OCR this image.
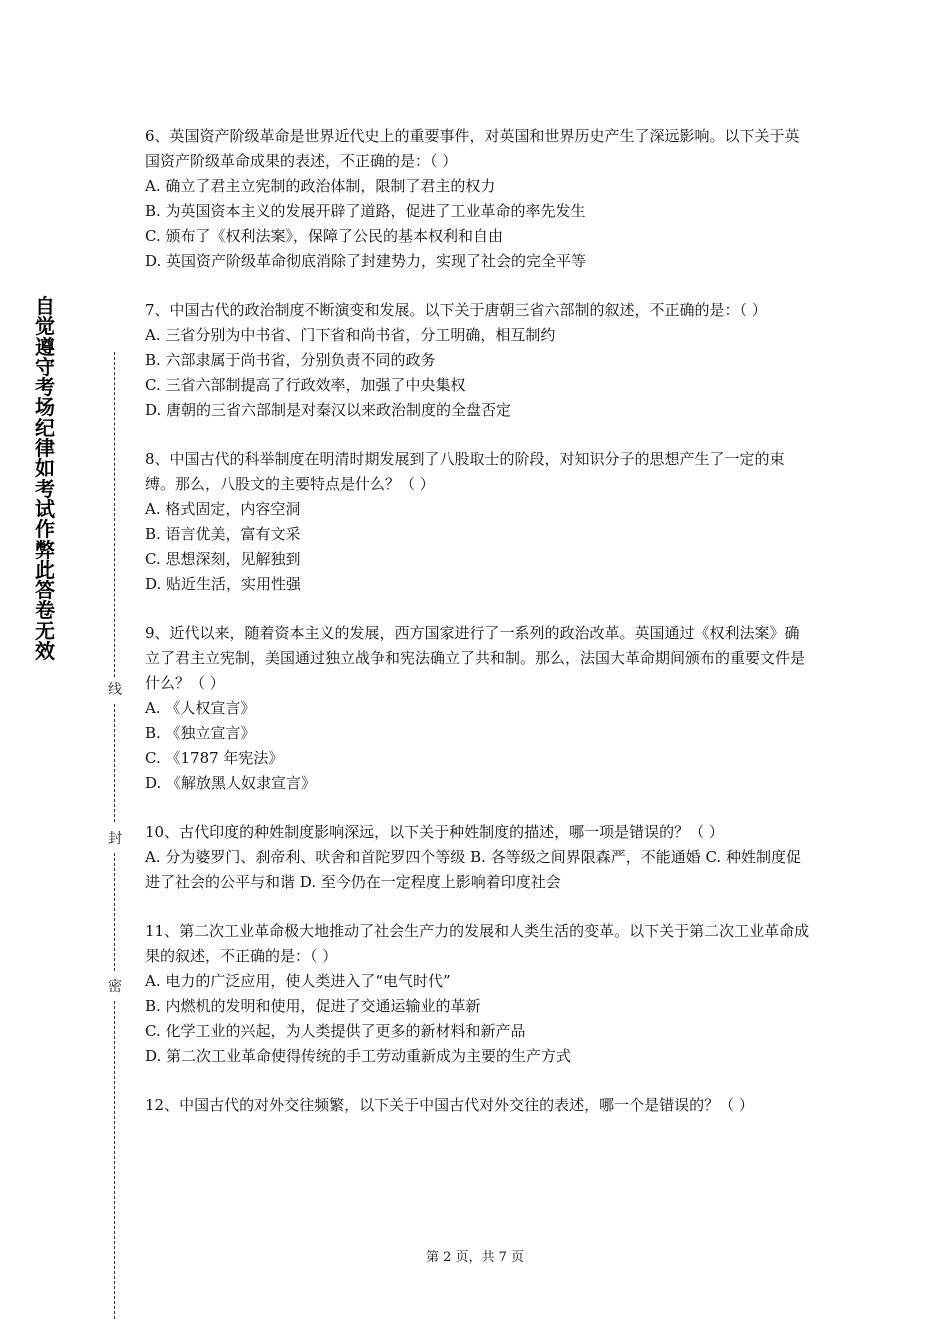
自觉遵守考场纪律如考试作弊此答卷无效
线
封
密

6、英国资产阶级革命是世界近代史上的重要事件，对英国和世界历史产生了深远影响。以下关于英国资产阶级革命成果的表述，不正确的是：（ ）

A. 确立了君主立宪制的政治体制，限制了君主的权力

B. 为英国资本主义的发展开辟了道路，促进了工业革命的率先发生

C. 颁布了《权利法案》，保障了公民的基本权利和自由

D. 英国资产阶级革命彻底消除了封建势力，实现了社会的完全平等

7、中国古代的政治制度不断演变和发展。以下关于唐朝三省六部制的叙述，不正确的是：（ ）

A. 三省分别为中书省、门下省和尚书省，分工明确，相互制约

B. 六部隶属于尚书省，分别负责不同的政务

C. 三省六部制提高了行政效率，加强了中央集权

D. 唐朝的三省六部制是对秦汉以来政治制度的全盘否定

8、中国古代的科举制度在明清时期发展到了八股取士的阶段，对知识分子的思想产生了一定的束缚。那么，八股文的主要特点是什么？（ ）

A. 格式固定，内容空洞

B. 语言优美，富有文采

C. 思想深刻，见解独到

D. 贴近生活，实用性强

9、近代以来，随着资本主义的发展，西方国家进行了一系列的政治改革。英国通过《权利法案》确立了君主立宪制，美国通过独立战争和宪法确立了共和制。那么，法国大革命期间颁布的重要文件是什么？（ ）

A. 《人权宣言》

B. 《独立宣言》

C. 《1787 年宪法》

D. 《解放黑人奴隶宣言》

10、古代印度的种姓制度影响深远，以下关于种姓制度的描述，哪一项是错误的？（ ）

A. 分为婆罗门、刹帝利、吠舍和首陀罗四个等级 B. 各等级之间界限森严，不能通婚 C. 种姓制度促进了社会的公平与和谐 D. 至今仍在一定程度上影响着印度社会

11、第二次工业革命极大地推动了社会生产力的发展和人类生活的变革。以下关于第二次工业革命成果的叙述，不正确的是：（ ）

A. 电力的广泛应用，使人类进入了“电气时代”

B. 内燃机的发明和使用，促进了交通运输业的革新

C. 化学工业的兴起，为人类提供了更多的新材料和新产品

D. 第二次工业革命使得传统的手工劳动重新成为主要的生产方式

12、中国古代的对外交往频繁，以下关于中国古代对外交往的表述，哪一个是错误的？（ ）

第 2 页，共 7 页
